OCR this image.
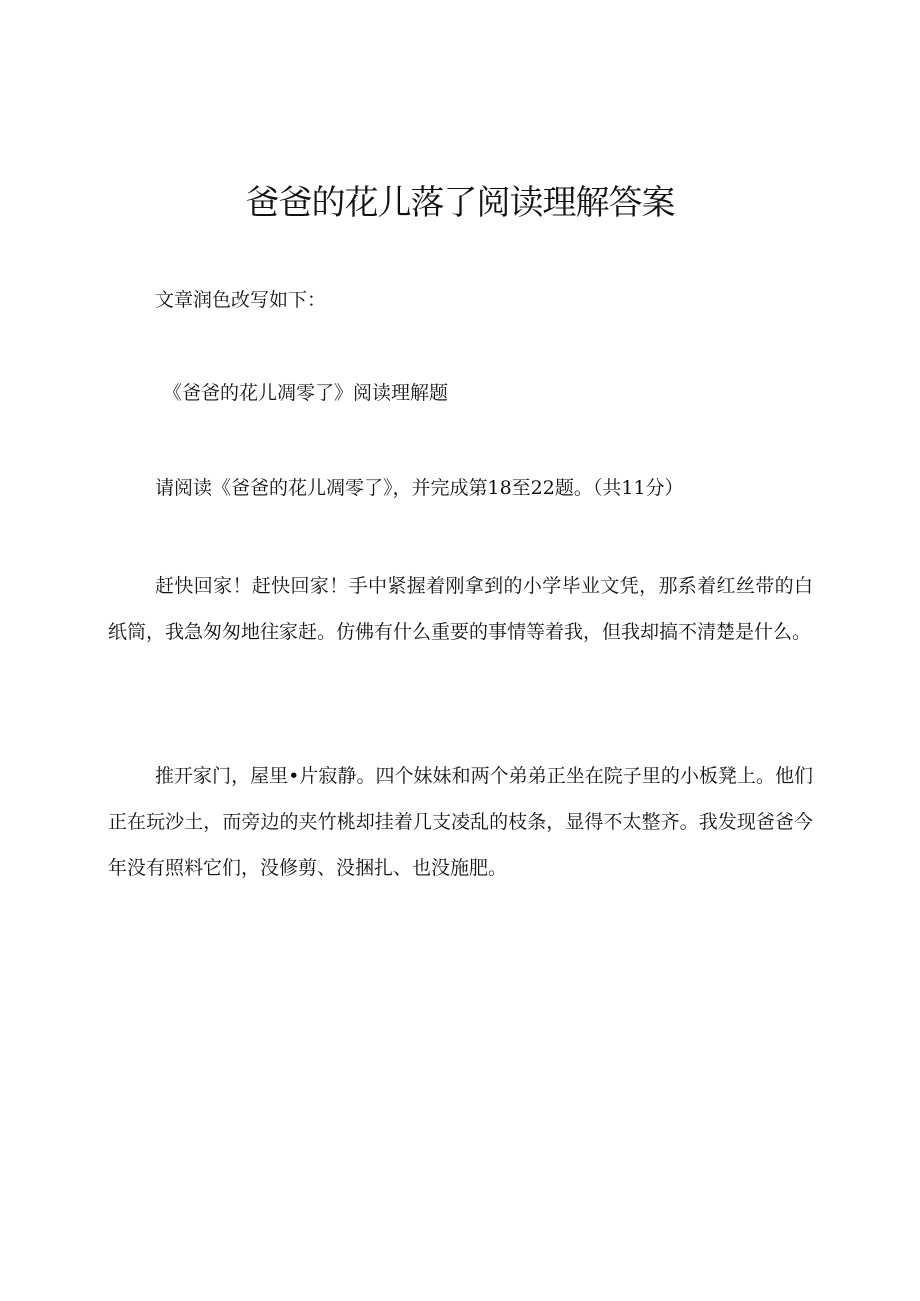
爸爸的花儿落了阅读理解答案

文章润色改写如下：

《爸爸的花儿凋零了》阅读理解题

请阅读《爸爸的花儿凋零了》，并完成第18至22题。（共11分）

赶快回家！赶快回家！手中紧握着刚拿到的小学毕业文凭，那系着红丝带的白纸筒，我急匆匆地往家赶。仿佛有什么重要的事情等着我，但我却搞不清楚是什么。

推开家门，屋里•片寂静。四个妹妹和两个弟弟正坐在院子里的小板凳上。他们正在玩沙土，而旁边的夹竹桃却挂着几支凌乱的枝条，显得不太整齐。我发现爸爸今年没有照料它们，没修剪、没捆扎、也没施肥。
